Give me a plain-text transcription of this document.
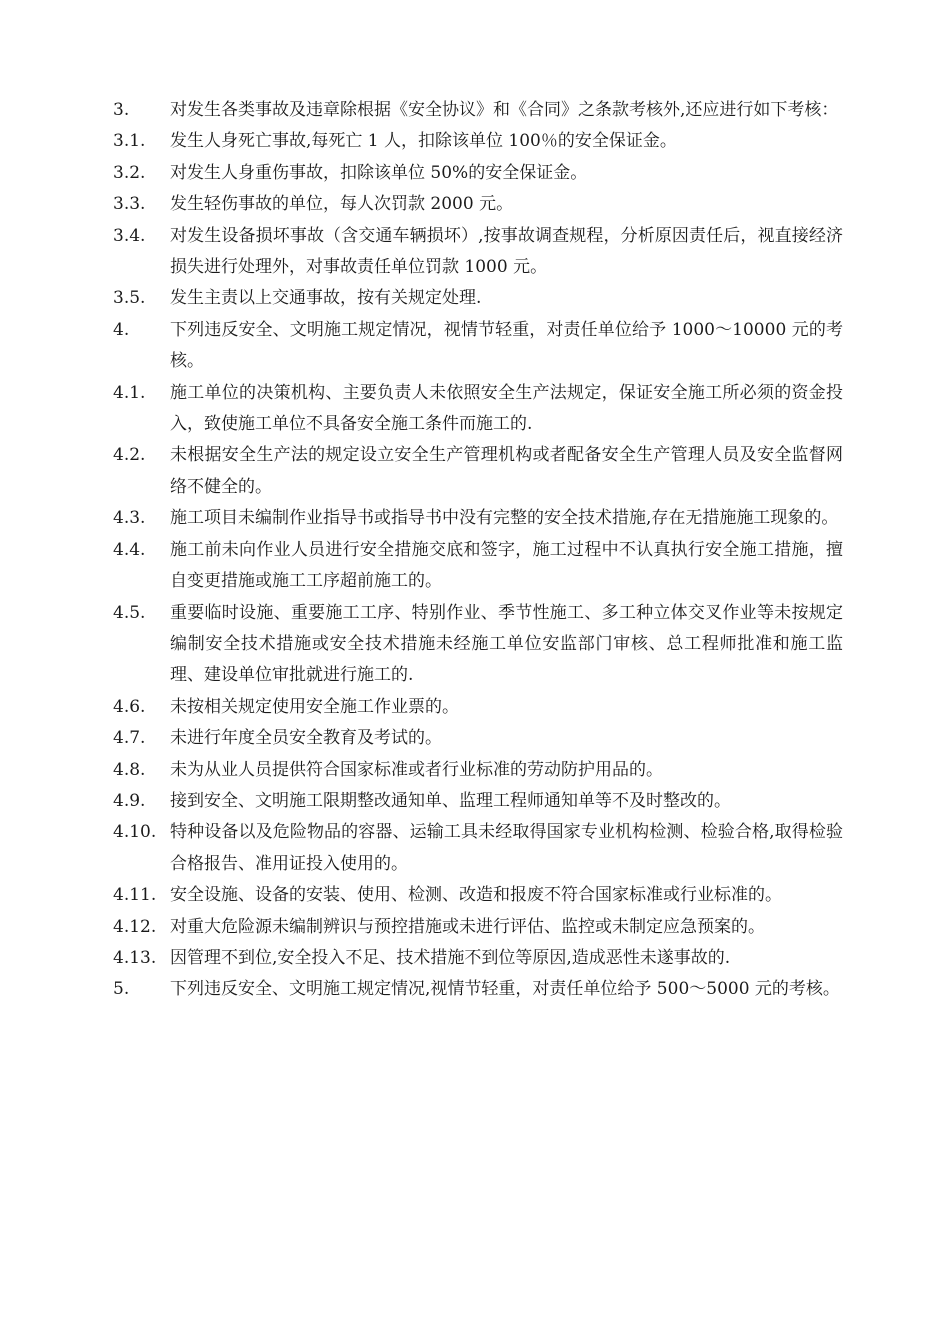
3.	对发生各类事故及违章除根据《安全协议》和《合同》之条款考核外,还应进行如下考核：
3.1.	发生人身死亡事故,每死亡 1 人，扣除该单位 100％的安全保证金。
3.2.	对发生人身重伤事故，扣除该单位 50%的安全保证金。
3.3.	发生轻伤事故的单位，每人次罚款 2000 元。
3.4.	对发生设备损坏事故（含交通车辆损坏）,按事故调查规程，分析原因责任后，视直接经济损失进行处理外，对事故责任单位罚款 1000 元。
3.5.	发生主责以上交通事故，按有关规定处理.
4.	下列违反安全、文明施工规定情况，视情节轻重，对责任单位给予 1000～10000 元的考核。
4.1.	施工单位的决策机构、主要负责人未依照安全生产法规定，保证安全施工所必须的资金投入，致使施工单位不具备安全施工条件而施工的.
4.2.	未根据安全生产法的规定设立安全生产管理机构或者配备安全生产管理人员及安全监督网络不健全的。
4.3.	施工项目未编制作业指导书或指导书中没有完整的安全技术措施,存在无措施施工现象的。
4.4.	施工前未向作业人员进行安全措施交底和签字，施工过程中不认真执行安全施工措施，擅自变更措施或施工工序超前施工的。
4.5.	重要临时设施、重要施工工序、特别作业、季节性施工、多工种立体交叉作业等未按规定编制安全技术措施或安全技术措施未经施工单位安监部门审核、总工程师批准和施工监理、建设单位审批就进行施工的.
4.6.	未按相关规定使用安全施工作业票的。
4.7.	未进行年度全员安全教育及考试的。
4.8.	未为从业人员提供符合国家标准或者行业标准的劳动防护用品的。
4.9.	接到安全、文明施工限期整改通知单、监理工程师通知单等不及时整改的。
4.10. 特种设备以及危险物品的容器、运输工具未经取得国家专业机构检测、检验合格,取得检验合格报告、准用证投入使用的。
4.11. 安全设施、设备的安装、使用、检测、改造和报废不符合国家标准或行业标准的。
4.12. 对重大危险源未编制辨识与预控措施或未进行评估、监控或未制定应急预案的。
4.13. 因管理不到位,安全投入不足、技术措施不到位等原因,造成恶性未遂事故的.
5.	下列违反安全、文明施工规定情况,视情节轻重，对责任单位给予 500～5000 元的考核。
